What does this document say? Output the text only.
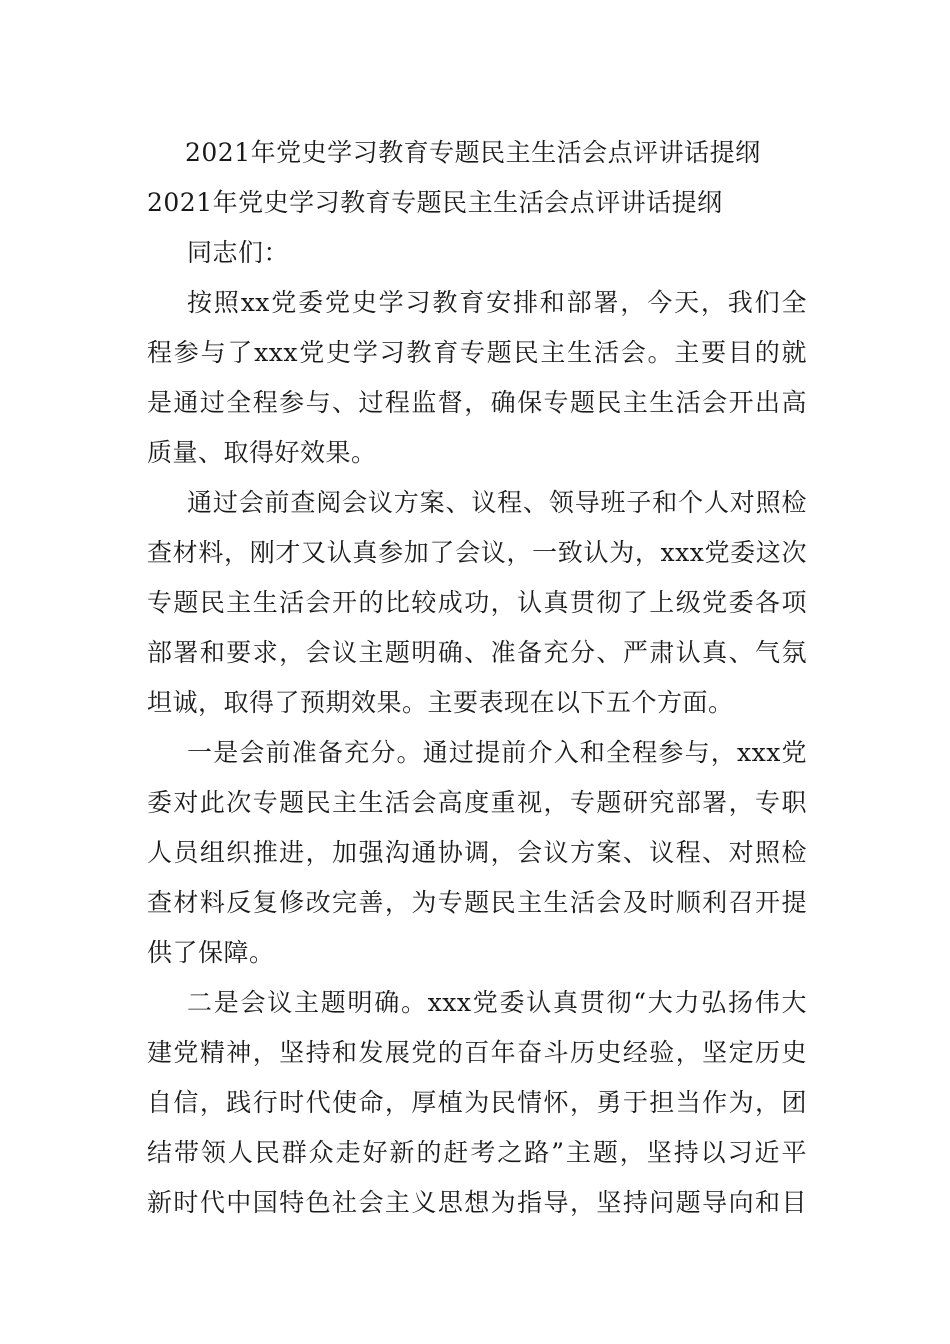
2021年党史学习教育专题民主生活会点评讲话提纲
2021年党史学习教育专题民主生活会点评讲话提纲
同志们：
按照xx党委党史学习教育安排和部署，今天，我们全
程参与了xxx党史学习教育专题民主生活会。主要目的就
是通过全程参与、过程监督，确保专题民主生活会开出高
质量、取得好效果。
通过会前查阅会议方案、议程、领导班子和个人对照检
查材料，刚才又认真参加了会议，一致认为，xxx党委这次
专题民主生活会开的比较成功，认真贯彻了上级党委各项
部署和要求，会议主题明确、准备充分、严肃认真、气氛
坦诚，取得了预期效果。主要表现在以下五个方面。
一是会前准备充分。通过提前介入和全程参与，xxx党
委对此次专题民主生活会高度重视，专题研究部署，专职
人员组织推进，加强沟通协调，会议方案、议程、对照检
查材料反复修改完善，为专题民主生活会及时顺利召开提
供了保障。
二是会议主题明确。xxx党委认真贯彻“大力弘扬伟大
建党精神，坚持和发展党的百年奋斗历史经验，坚定历史
自信，践行时代使命，厚植为民情怀，勇于担当作为，团
结带领人民群众走好新的赶考之路”主题，坚持以习近平
新时代中国特色社会主义思想为指导，坚持问题导向和目
